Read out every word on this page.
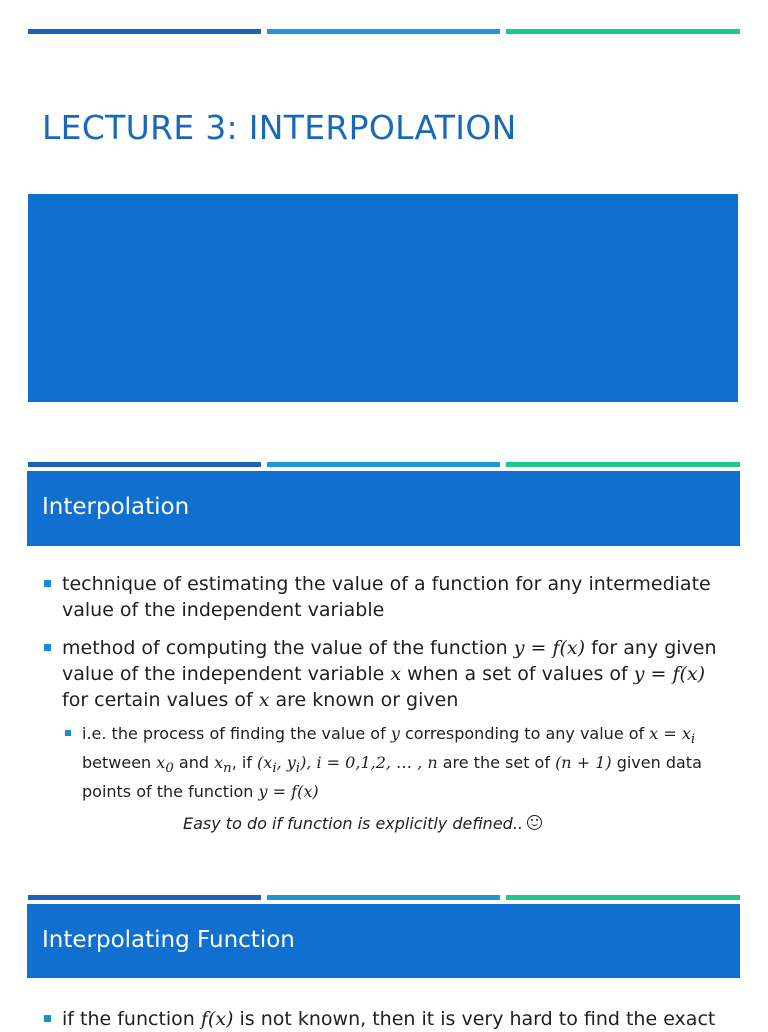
LECTURE 3: INTERPOLATION
Interpolation
technique of estimating the value of a function for any intermediate
value of the independent variable
method of computing the value of the function y = f(x) for any given
value of the independent variable x when a set of values of y = f(x)
for certain values of x are known or given
i.e. the process of finding the value of y corresponding to any value of $x = x_i$
between $x_0$ and $x_n$, if ($x_i$, $y_i$), i = 0,1,2, … , n are the set of (n + 1) given data
points of the function y = f(x)
Easy to do if function is explicitly defined..
Interpolating Function
if the function f(x) is not known, then it is very hard to find the exact
